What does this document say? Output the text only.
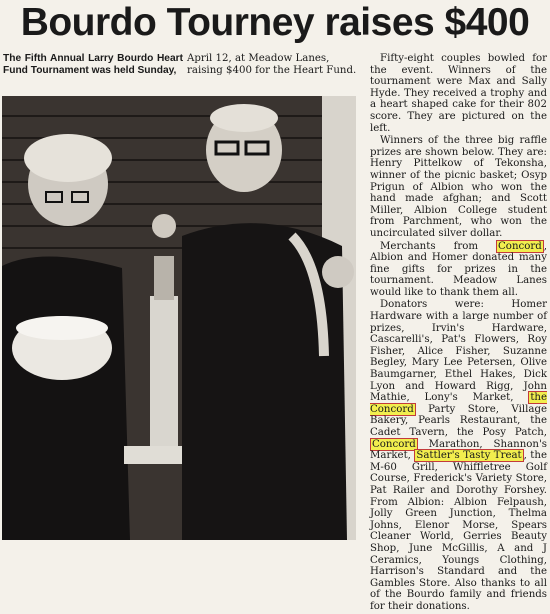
Bourdo Tourney raises $400
The Fifth Annual Larry Bourdo Heart Fund Tournament was held Sunday,
April 12, at Meadow Lanes, raising $400 for the Heart Fund.

Fifty-eight couples bowled for the event. Winners of the tournament were Max and Sally Hyde. They received a trophy and a heart shaped cake for their 802 score. They are pictured on the left.

Winners of the three big raffle prizes are shown below. They are: Henry Pittelkow of Tekonsha, winner of the picnic basket; Osyp Prigun of Albion who won the hand made afghan; and Scott Miller, Albion College student from Parchment, who won the uncirculated silver dollar.

Merchants from Concord , Albion and Homer donated many fine gifts for prizes in the tournament. Meadow Lanes would like to thank them all.

Donators were: Homer Hardware with a large number of prizes, Irvin's Hardware, Cascarelli's, Pat's Flowers, Roy Fisher, Alice Fisher, Suzanne Begley, Mary Lee Petersen, Olive Baumgarner, Ethel Hakes, Dick Lyon and Howard Rigg, John Mathie, Lony's Market, the Concord Party Store, Village Bakery, Pearls Restaurant, the Cadet Tavern, the Posy Patch, Concord Marathon, Shannon's Market, Sattler's Tasty Treat , the M-60 Grill, Whiffletree Golf Course, Frederick's Variety Store, Pat Railer and Dorothy Forshey. From Albion: Albion Felpaush, Jolly Green Junction, Thelma Johns, Elenor Morse, Spears Cleaner World, Gerries Beauty Shop, June McGillis, A and J Ceramics, Youngs Clothing, Harrison's Standard and the Gambles Store. Also thanks to all of the Bourdo family and friends for their donations.
